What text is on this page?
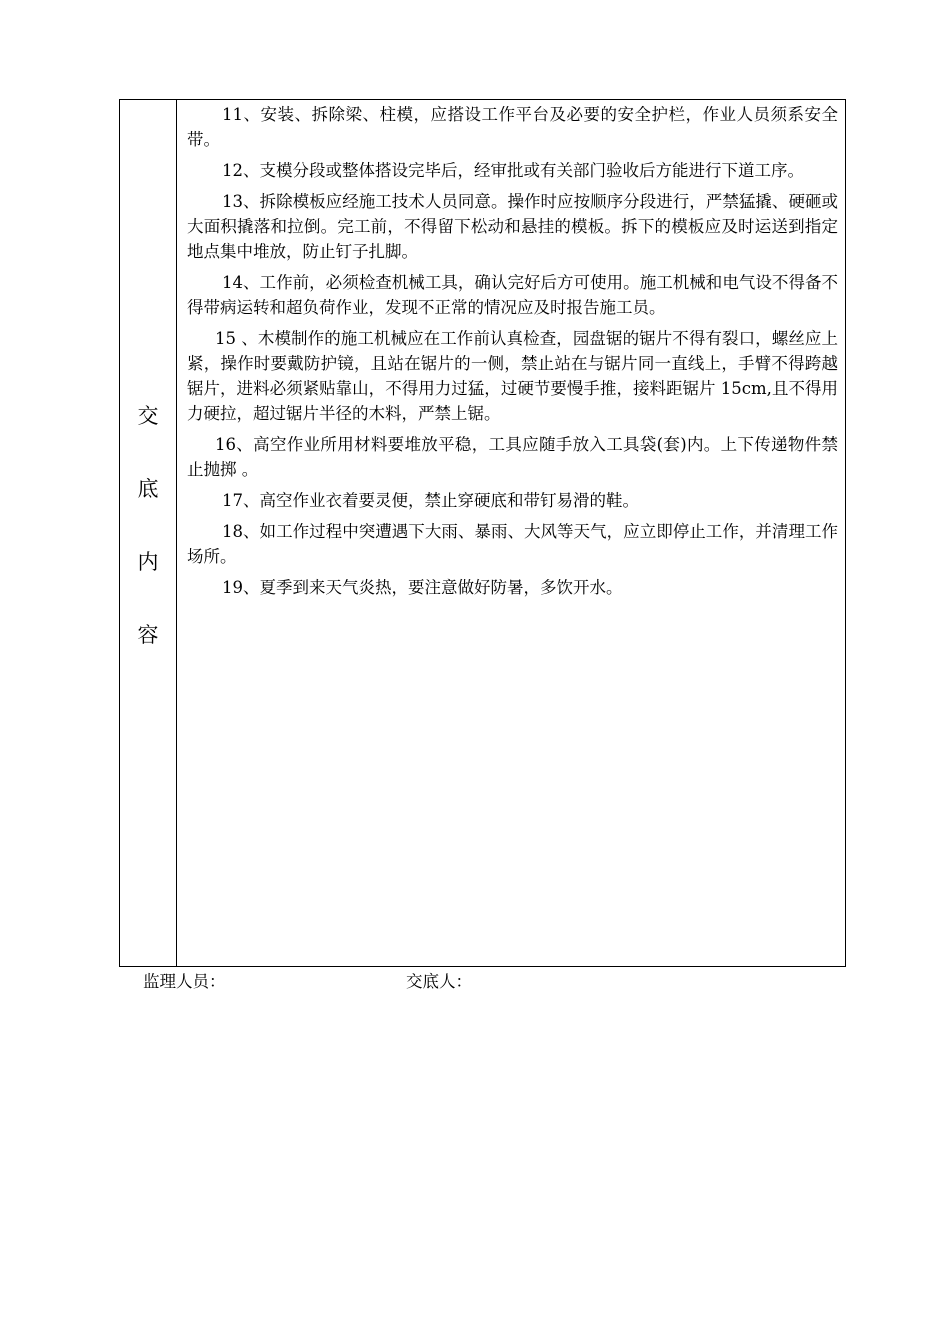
交
底
内
容

11、安装、拆除梁、柱模，应搭设工作平台及必要的安全护栏，作业人员须系安全带。

12、支模分段或整体搭设完毕后，经审批或有关部门验收后方能进行下道工序。

13、拆除模板应经施工技术人员同意。操作时应按顺序分段进行，严禁猛撬、硬砸或大面积撬落和拉倒。完工前，不得留下松动和悬挂的模板。拆下的模板应及时运送到指定地点集中堆放，防止钉子扎脚。

14、工作前，必须检查机械工具，确认完好后方可使用。施工机械和电气设不得备不得带病运转和超负荷作业，发现不正常的情况应及时报告施工员。

15 、木模制作的施工机械应在工作前认真检查，园盘锯的锯片不得有裂口，螺丝应上紧，操作时要戴防护镜，且站在锯片的一侧，禁止站在与锯片同一直线上，手臂不得跨越锯片，进料必须紧贴靠山，不得用力过猛，过硬节要慢手推，接料距锯片 15cm,且不得用力硬拉，超过锯片半径的木料，严禁上锯。

16、高空作业所用材料要堆放平稳，工具应随手放入工具袋(套)内。上下传递物件禁止抛掷 。

17、高空作业衣着要灵便，禁止穿硬底和带钉易滑的鞋。

18、如工作过程中突遭遇下大雨、暴雨、大风等天气，应立即停止工作，并清理工作场所。

19、夏季到来天气炎热，要注意做好防暑，多饮开水。

监理人员：	交底人：
